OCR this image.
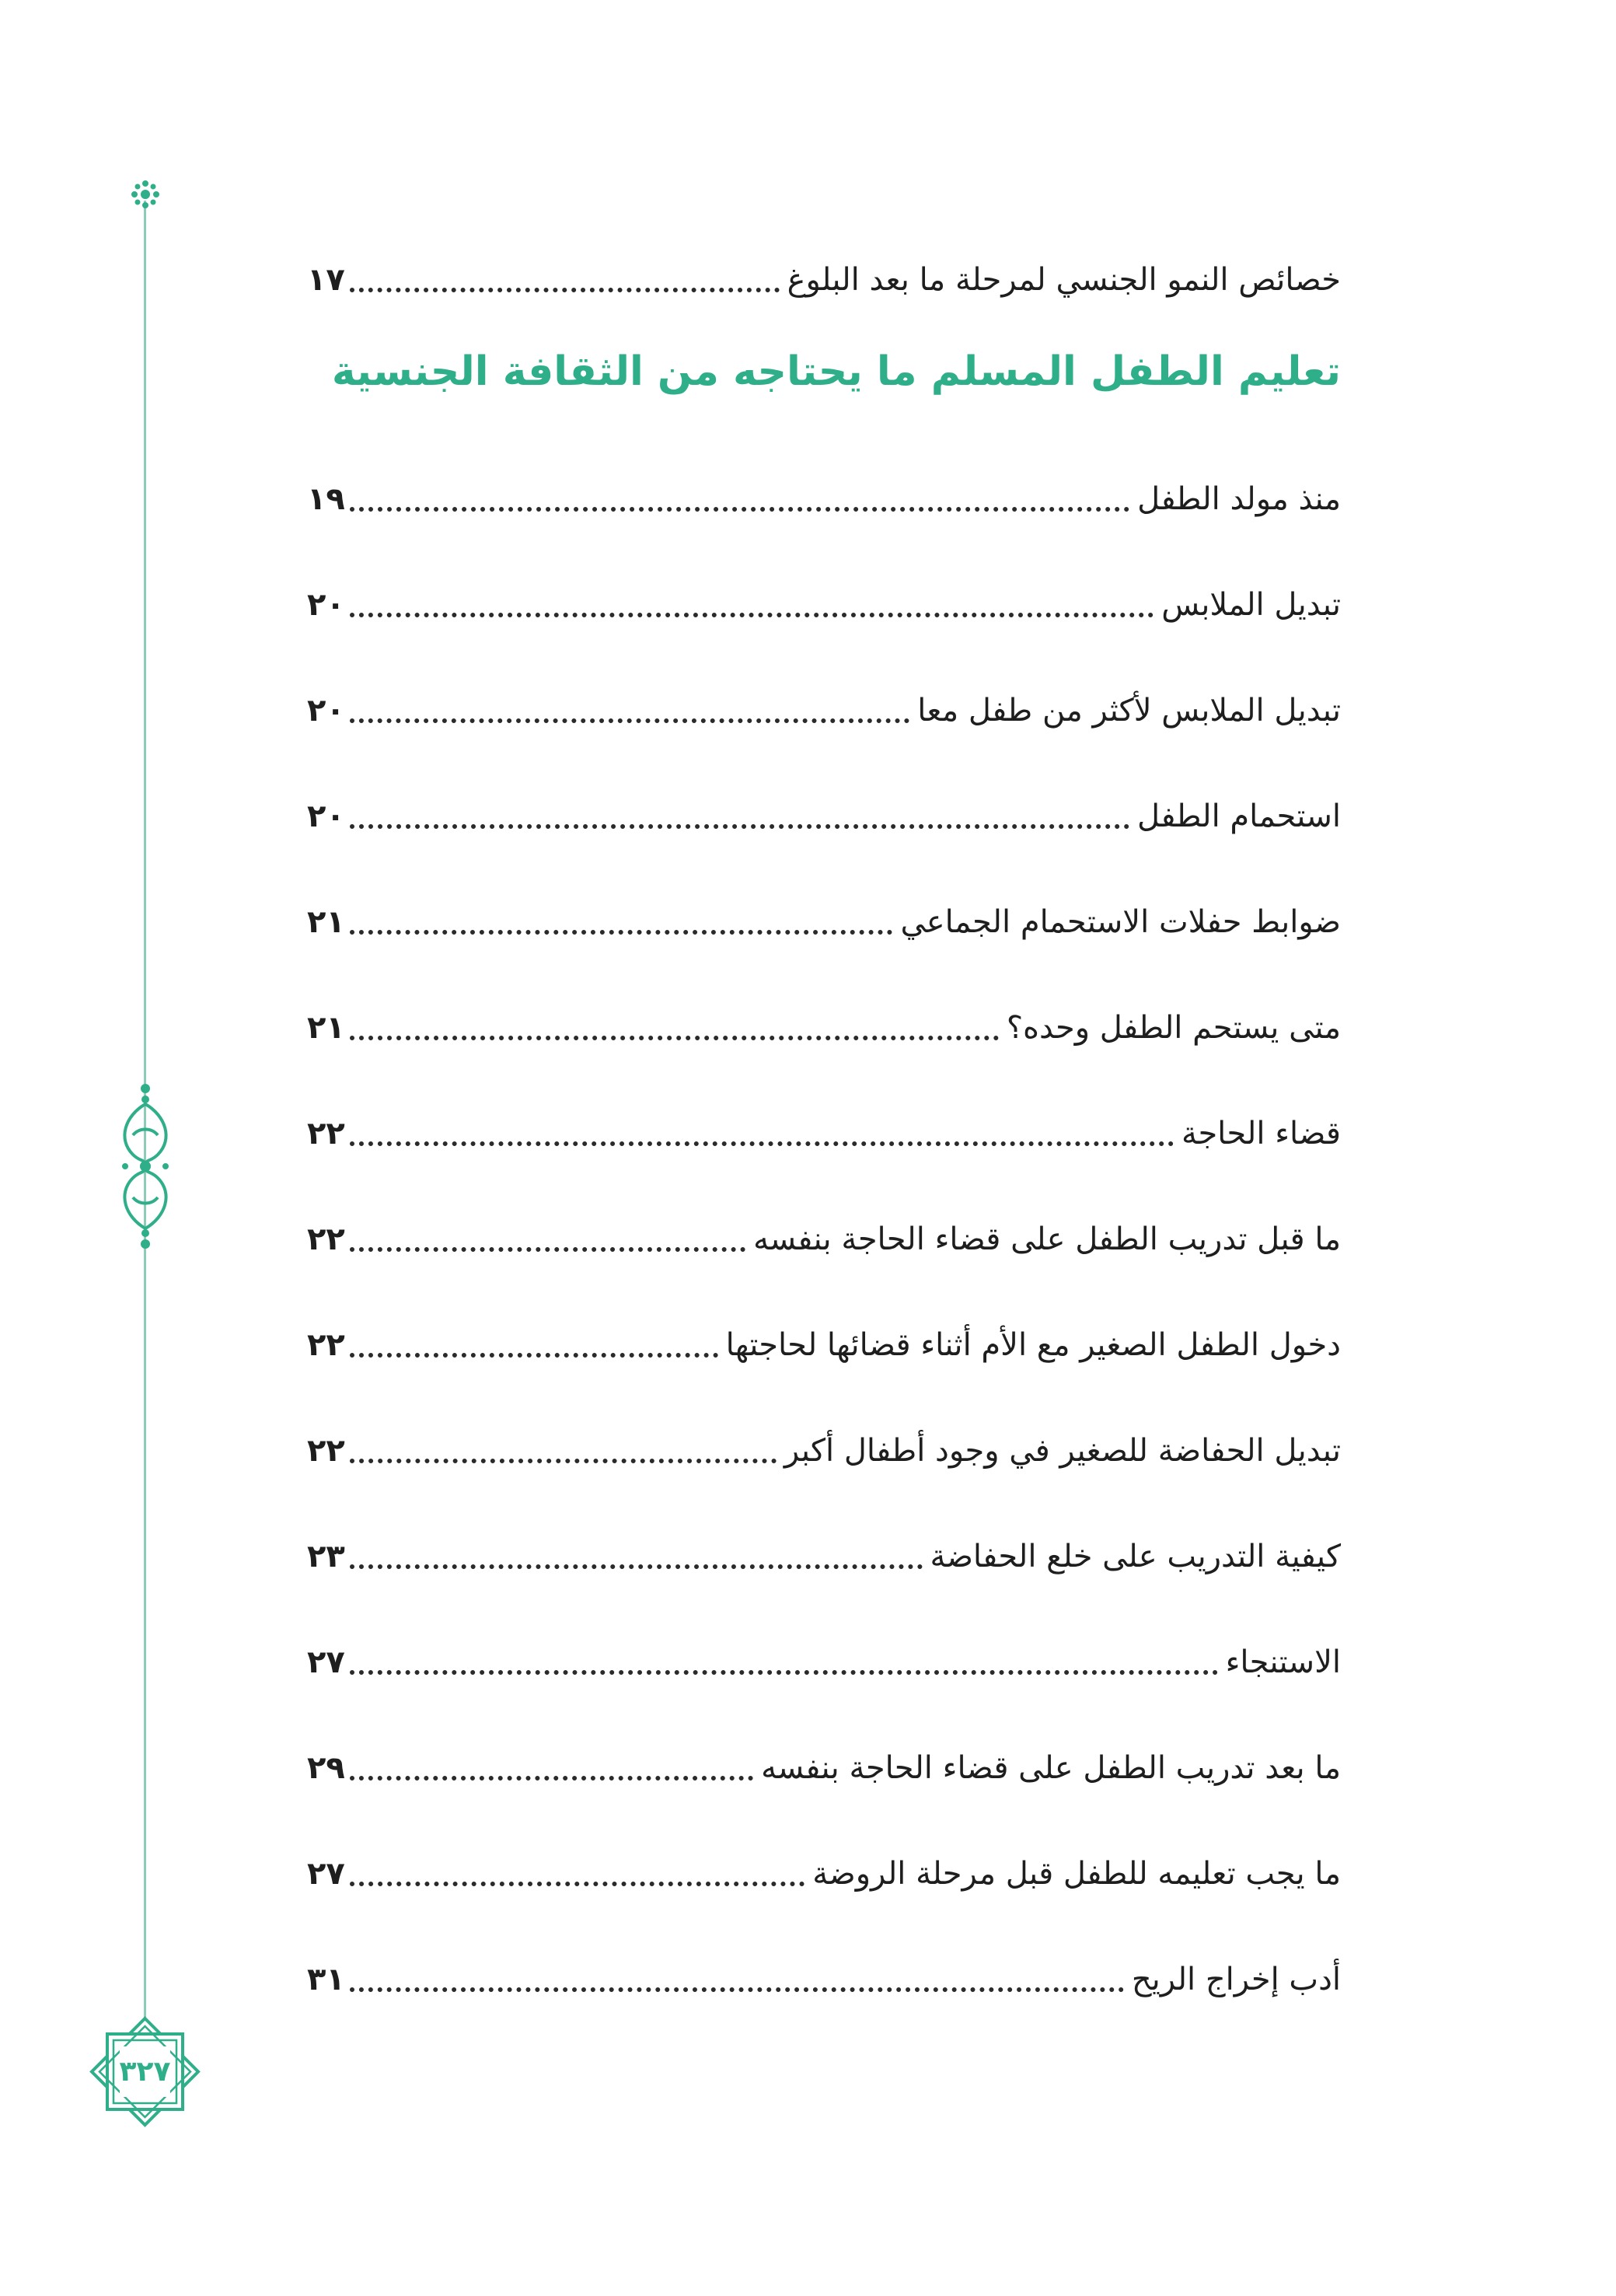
٣٢٧
خصائص النمو الجنسي لمرحلة ما بعد البلوغ
١٧
تعليم الطفل المسلم ما يحتاجه من الثقافة الجنسية
منذ مولد الطفل
١٩
تبديل الملابس
٢٠
تبديل الملابس لأكثر من طفل معا
٢٠
استحمام الطفل
٢٠
ضوابط حفلات الاستحمام الجماعي
٢١
متى يستحم الطفل وحده؟
٢١
قضاء الحاجة
٢٢
ما قبل تدريب الطفل على قضاء الحاجة بنفسه
٢٢
دخول الطفل الصغير مع الأم أثناء قضائها لحاجتها
٢٢
تبديل الحفاضة للصغير في وجود أطفال أكبر
٢٢
كيفية التدريب على خلع الحفاضة
٢٣
الاستنجاء
٢٧
ما بعد تدريب الطفل على قضاء الحاجة بنفسه
٢٩
ما يجب تعليمه للطفل قبل مرحلة الروضة
٢٧
أدب إخراج الريح
٣١
